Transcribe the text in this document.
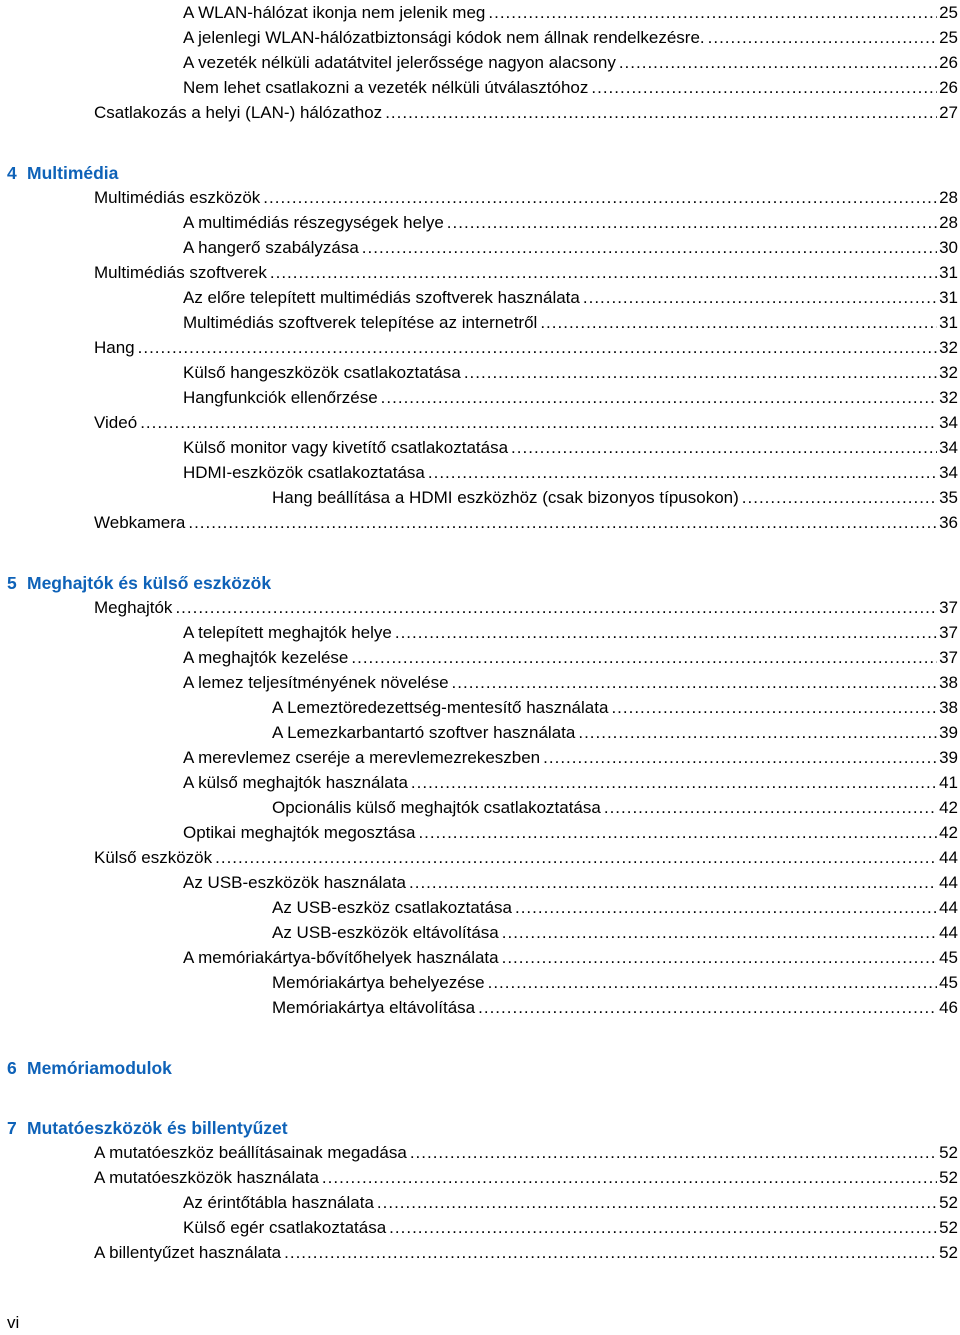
A WLAN-hálózat ikonja nem jelenik meg .....	25
A jelenlegi WLAN-hálózatbiztonsági kódok nem állnak rendelkezésre. .....	25
A vezeték nélküli adatátvitel jelerőssége nagyon alacsony .....	26
Nem lehet csatlakozni a vezeték nélküli útválasztóhoz .....	26
Csatlakozás a helyi (LAN-) hálózathoz .....	27
4 Multimédia
Multimédiás eszközök .....	28
A multimédiás részegységek helye .....	28
A hangerő szabályzása .....	30
Multimédiás szoftverek .....	31
Az előre telepített multimédiás szoftverek használata .....	31
Multimédiás szoftverek telepítése az internetről .....	31
Hang .....	32
Külső hangeszközök csatlakoztatása .....	32
Hangfunkciók ellenőrzése .....	32
Videó .....	34
Külső monitor vagy kivetítő csatlakoztatása .....	34
HDMI-eszközök csatlakoztatása .....	34
Hang beállítása a HDMI eszközhöz (csak bizonyos típusokon) .....	35
Webkamera .....	36
5 Meghajtók és külső eszközök
Meghajtók .....	37
A telepített meghajtók helye .....	37
A meghajtók kezelése .....	37
A lemez teljesítményének növelése .....	38
A Lemeztöredezettség-mentesítő használata .....	38
A Lemezkarbantartó szoftver használata .....	39
A merevlemez cseréje a merevlemezrekeszben .....	39
A külső meghajtók használata .....	41
Opcionális külső meghajtók csatlakoztatása .....	42
Optikai meghajtók megosztása .....	42
Külső eszközök .....	44
Az USB-eszközök használata .....	44
Az USB-eszköz csatlakoztatása .....	44
Az USB-eszközök eltávolítása .....	44
A memóriakártya-bővítőhelyek használata .....	45
Memóriakártya behelyezése .....	45
Memóriakártya eltávolítása .....	46
6 Memóriamodulok
7 Mutatóeszközök és billentyűzet
A mutatóeszköz beállításainak megadása .....	52
A mutatóeszközök használata .....	52
Az érintőtábla használata .....	52
Külső egér csatlakoztatása .....	52
A billentyűzet használata .....	52
vi
